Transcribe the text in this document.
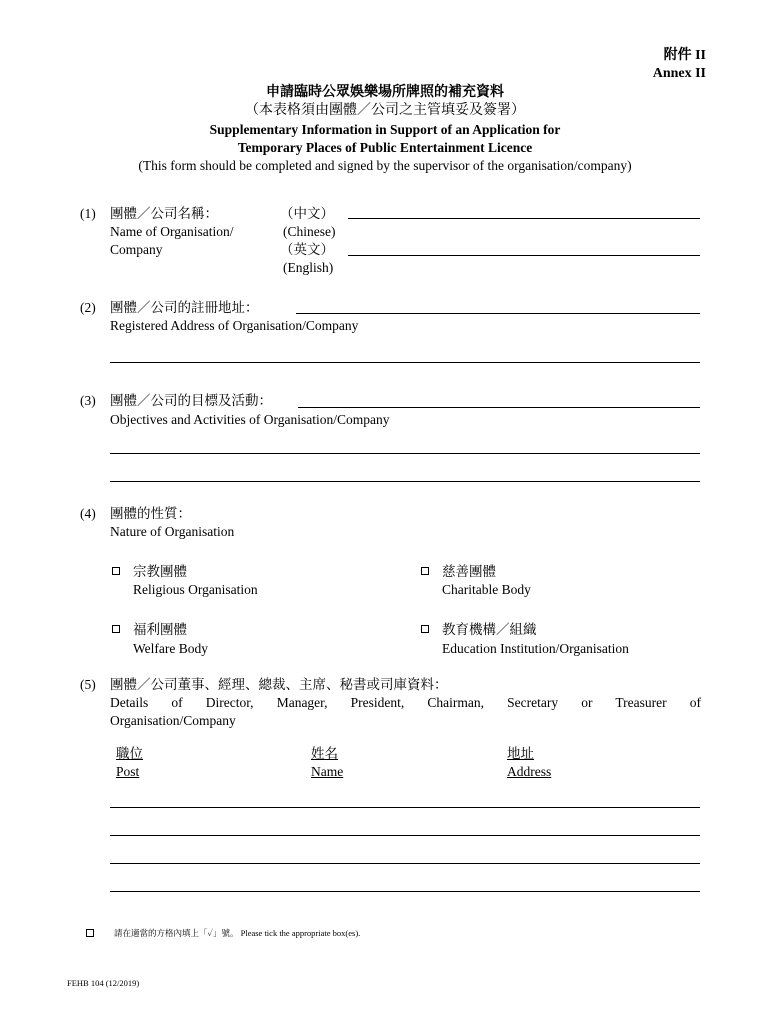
附件 II
Annex II
申請臨時公眾娛樂場所牌照的補充資料
（本表格須由團體／公司之主管填妥及簽署）
Supplementary Information in Support of an Application for
Temporary Places of Public Entertainment Licence
(This form should be completed and signed by the supervisor of the organisation/company)
(1) 團體／公司名稱：
Name of Organisation/
Company
（中文）
(Chinese)
（英文）
(English)
(2) 團體／公司的註冊地址：
Registered Address of Organisation/Company
(3) 團體／公司的目標及活動：
Objectives and Activities of Organisation/Company
(4) 團體的性質：
Nature of Organisation
宗教團體
Religious Organisation
慈善團體
Charitable Body
福利團體
Welfare Body
教育機構／組織
Education Institution/Organisation
(5) 團體／公司董事、經理、總裁、主席、秘書或司庫資料：
Details of Director, Manager, President, Chairman, Secretary or Treasurer of
Organisation/Company
職位
Post
姓名
Name
地址
Address
請在適當的方格內填上「✓」號。 Please tick the appropriate box(es).
FEHB 104 (12/2019)
